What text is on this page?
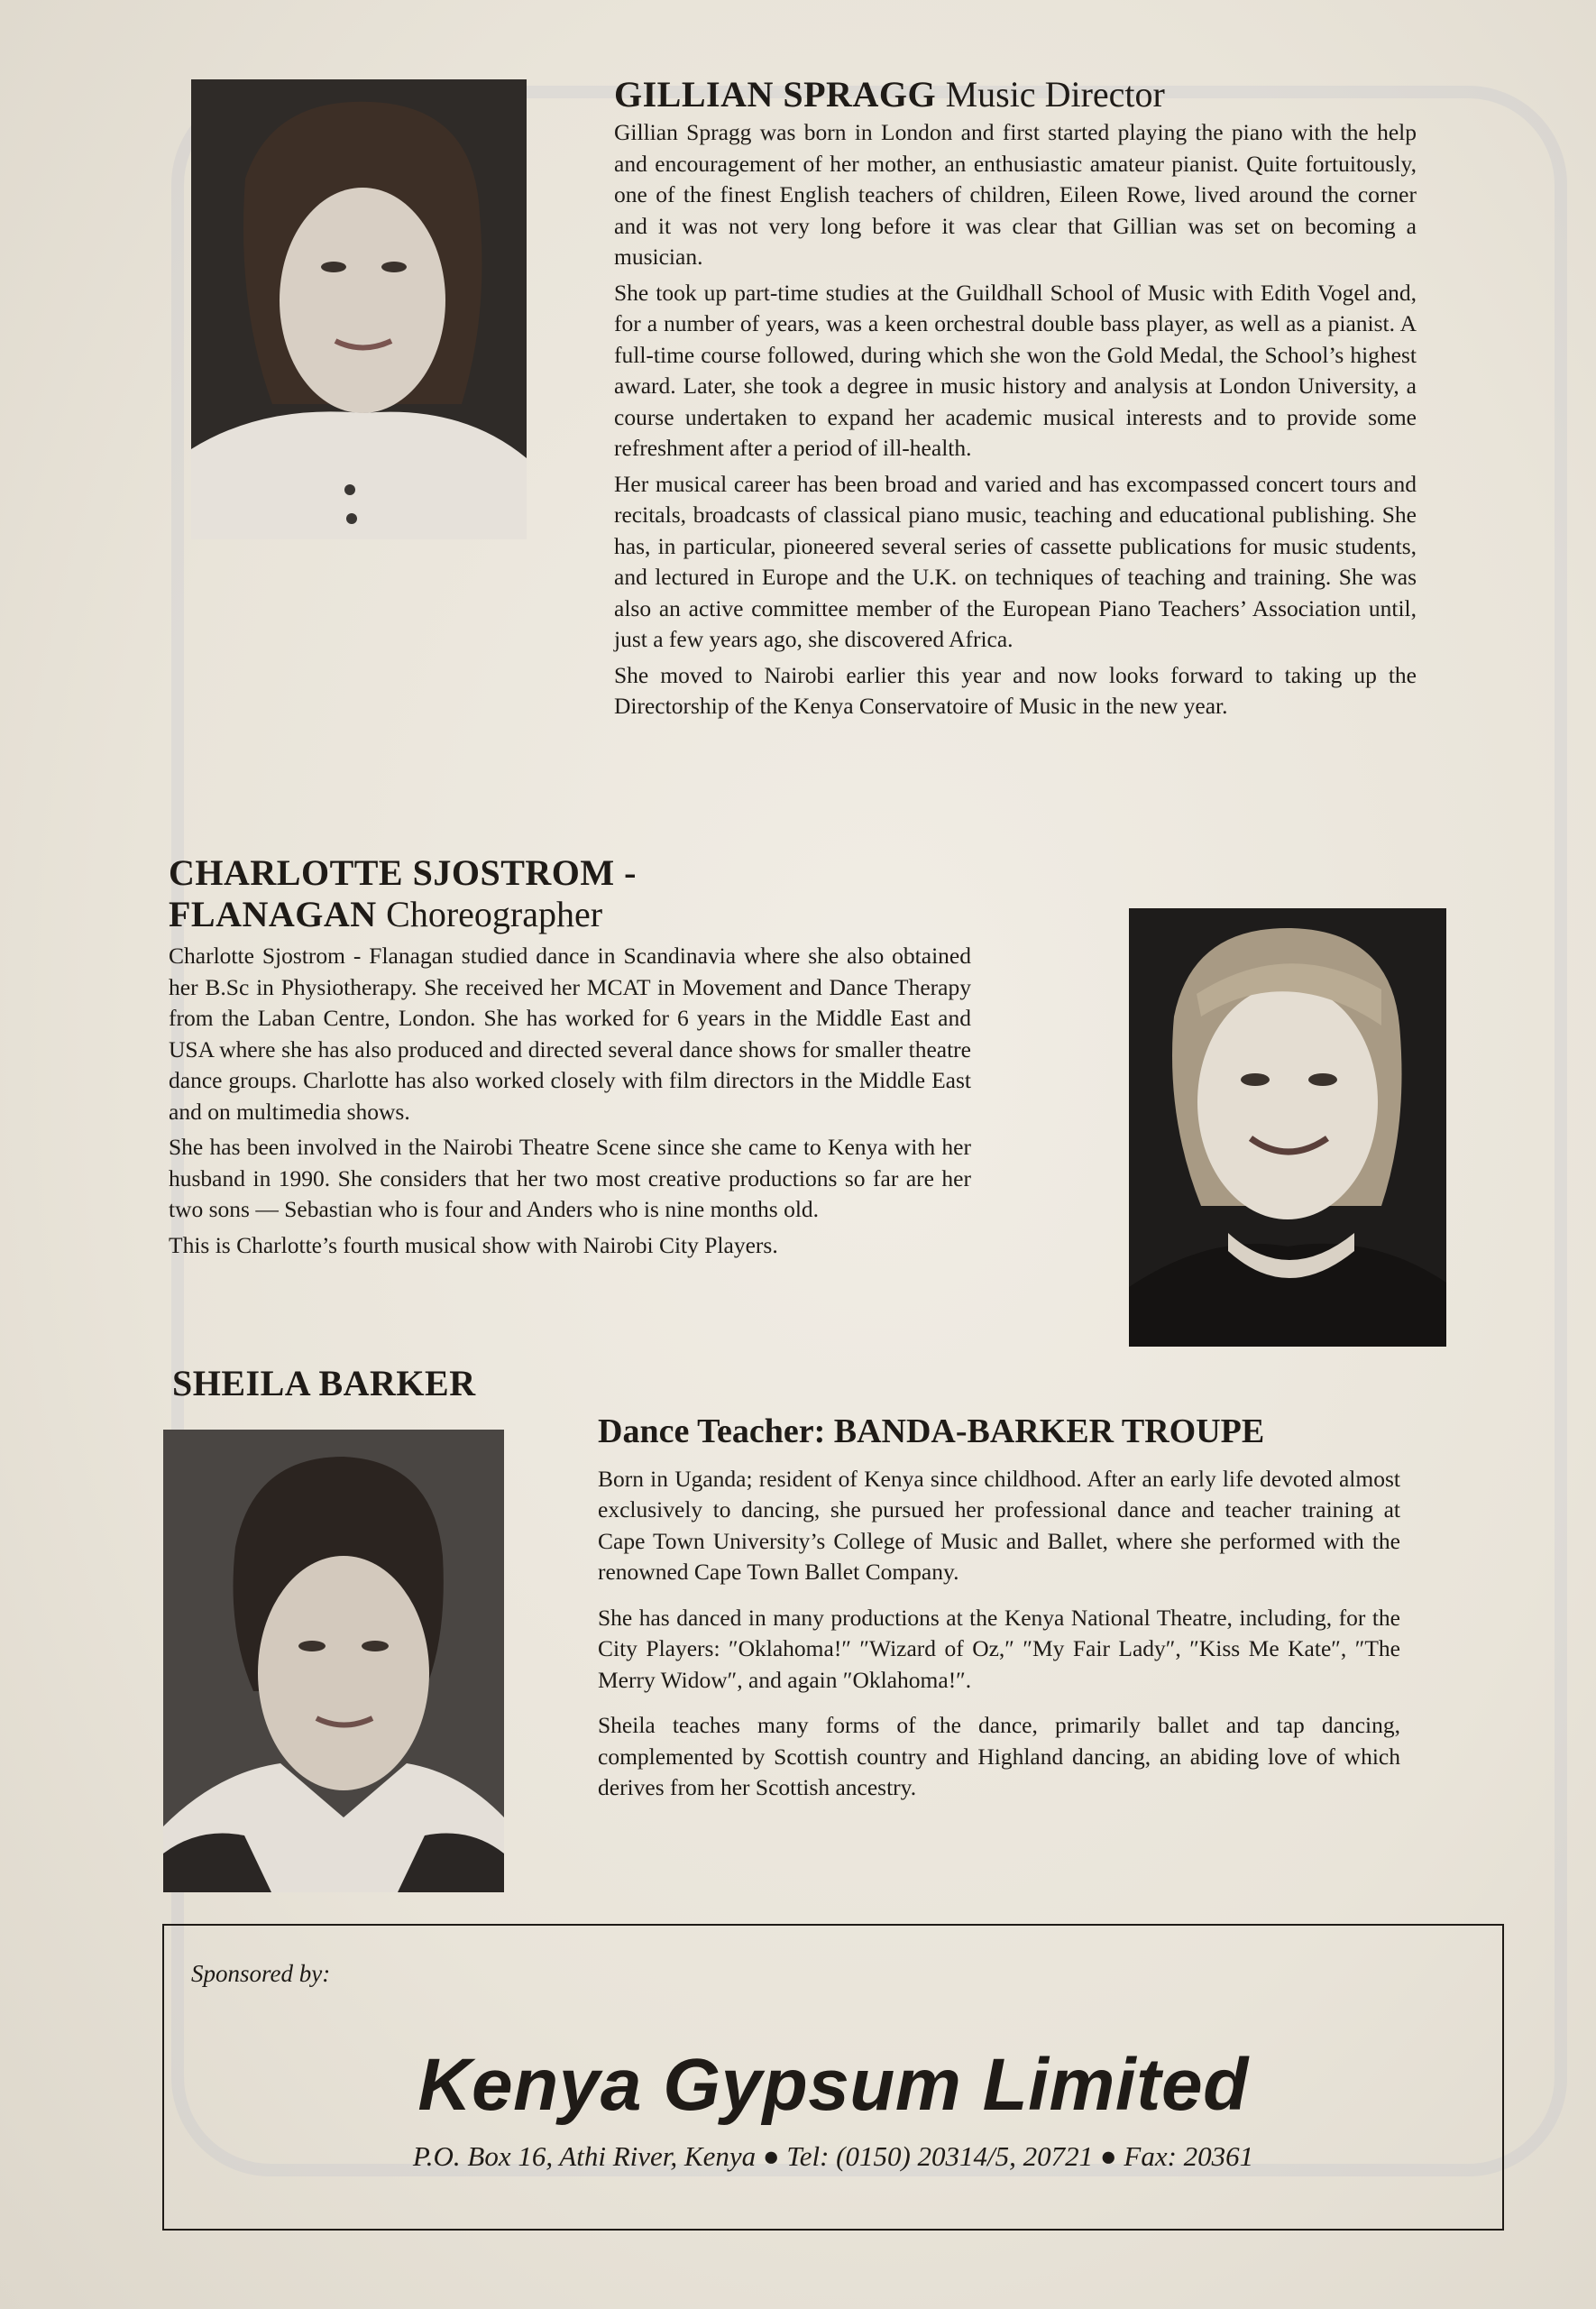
GILLIAN SPRAGG Music Director

Gillian Spragg was born in London and first started playing the piano with the help and encouragement of her mother, an enthusiastic amateur pianist. Quite fortuitously, one of the finest English teachers of children, Eileen Rowe, lived around the corner and it was not very long before it was clear that Gillian was set on becoming a musician.

She took up part-time studies at the Guildhall School of Music with Edith Vogel and, for a number of years, was a keen orchestral double bass player, as well as a pianist. A full-time course followed, during which she won the Gold Medal, the School’s highest award. Later, she took a degree in music history and analysis at London University, a course undertaken to expand her academic musical interests and to provide some refreshment after a period of ill-health.

Her musical career has been broad and varied and has excompassed concert tours and recitals, broadcasts of classical piano music, teaching and educational publishing. She has, in particular, pioneered several series of cassette publications for music students, and lectured in Europe and the U.K. on techniques of teaching and training. She was also an active committee member of the European Piano Teachers’ Association until, just a few years ago, she discovered Africa.

She moved to Nairobi earlier this year and now looks forward to taking up the Directorship of the Kenya Conservatoire of Music in the new year.

CHARLOTTE SJOSTROM -
FLANAGAN Choreographer

Charlotte Sjostrom - Flanagan studied dance in Scandinavia where she also obtained her B.Sc in Physiotherapy. She received her MCAT in Movement and Dance Therapy from the Laban Centre, London. She has worked for 6 years in the Middle East and USA where she has also produced and directed several dance shows for smaller theatre dance groups. Charlotte has also worked closely with film directors in the Middle East and on multimedia shows.

She has been involved in the Nairobi Theatre Scene since she came to Kenya with her husband in 1990. She considers that her two most creative productions so far are her two sons — Sebastian who is four and Anders who is nine months old.

This is Charlotte’s fourth musical show with Nairobi City Players.

SHEILA BARKER
Dance Teacher: BANDA-BARKER TROUPE

Born in Uganda; resident of Kenya since childhood. After an early life devoted almost exclusively to dancing, she pursued her professional dance and teacher training at Cape Town University’s College of Music and Ballet, where she performed with the renowned Cape Town Ballet Company.

She has danced in many productions at the Kenya National Theatre, including, for the City Players: ″Oklahoma!″ ″Wizard of Oz,″ ″My Fair Lady″, ″Kiss Me Kate″, ″The Merry Widow″, and again ″Oklahoma!″.

Sheila teaches many forms of the dance, primarily ballet and tap dancing, complemented by Scottish country and Highland dancing, an abiding love of which derives from her Scottish ancestry.

Sponsored by:
Kenya Gypsum Limited
P.O. Box 16, Athi River, Kenya ● Tel: (0150) 20314/5, 20721 ● Fax: 20361
